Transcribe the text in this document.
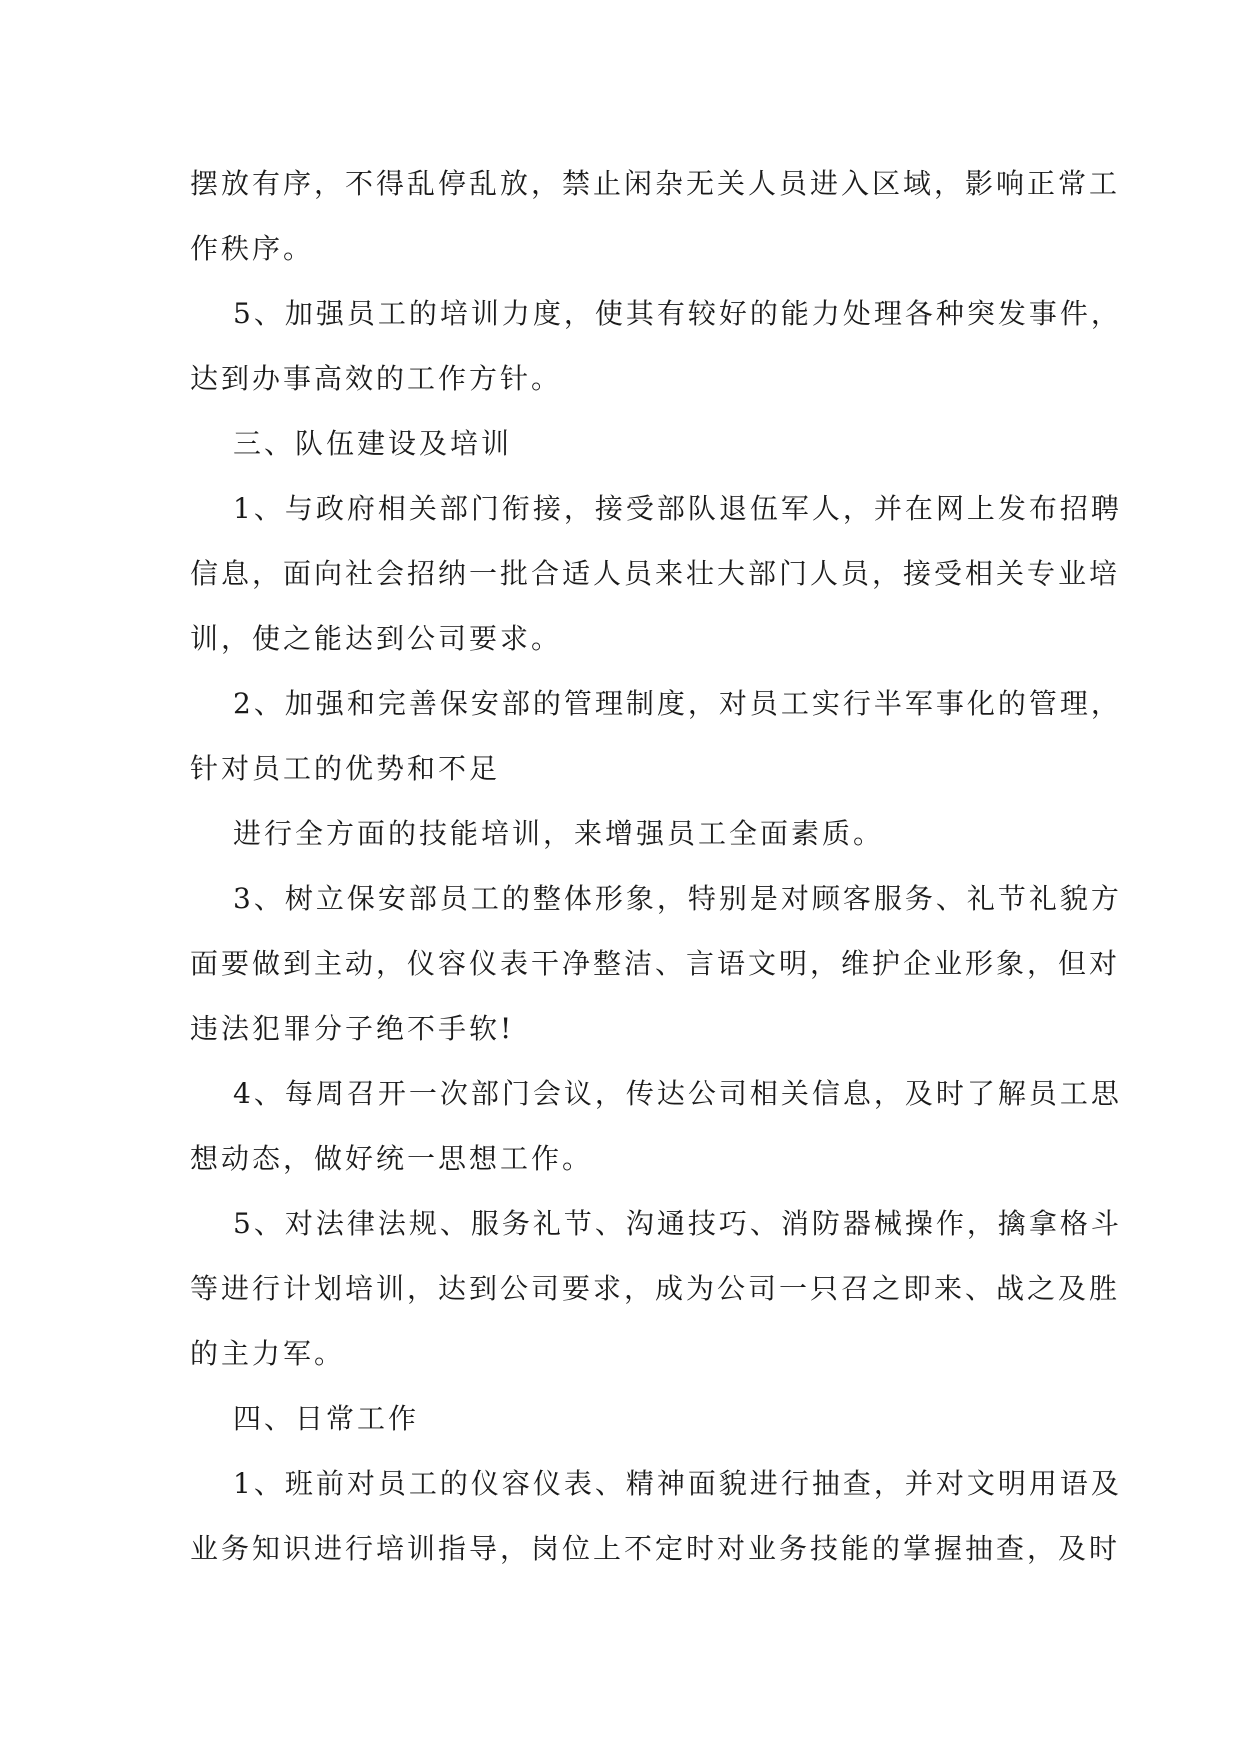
摆放有序，不得乱停乱放，禁止闲杂无关人员进入区域，影响正常工
作秩序。
5、加强员工的培训力度，使其有较好的能力处理各种突发事件，
达到办事高效的工作方针。
三、队伍建设及培训
1、与政府相关部门衔接，接受部队退伍军人，并在网上发布招聘
信息，面向社会招纳一批合适人员来壮大部门人员，接受相关专业培
训，使之能达到公司要求。
2、加强和完善保安部的管理制度，对员工实行半军事化的管理，
针对员工的优势和不足
进行全方面的技能培训，来增强员工全面素质。
3、树立保安部员工的整体形象，特别是对顾客服务、礼节礼貌方
面要做到主动，仪容仪表干净整洁、言语文明，维护企业形象，但对
违法犯罪分子绝不手软!
4、每周召开一次部门会议，传达公司相关信息，及时了解员工思
想动态，做好统一思想工作。
5、对法律法规、服务礼节、沟通技巧、消防器械操作，擒拿格斗
等进行计划培训，达到公司要求，成为公司一只召之即来、战之及胜
的主力军。
四、日常工作
1、班前对员工的仪容仪表、精神面貌进行抽查，并对文明用语及
业务知识进行培训指导，岗位上不定时对业务技能的掌握抽查，及时
